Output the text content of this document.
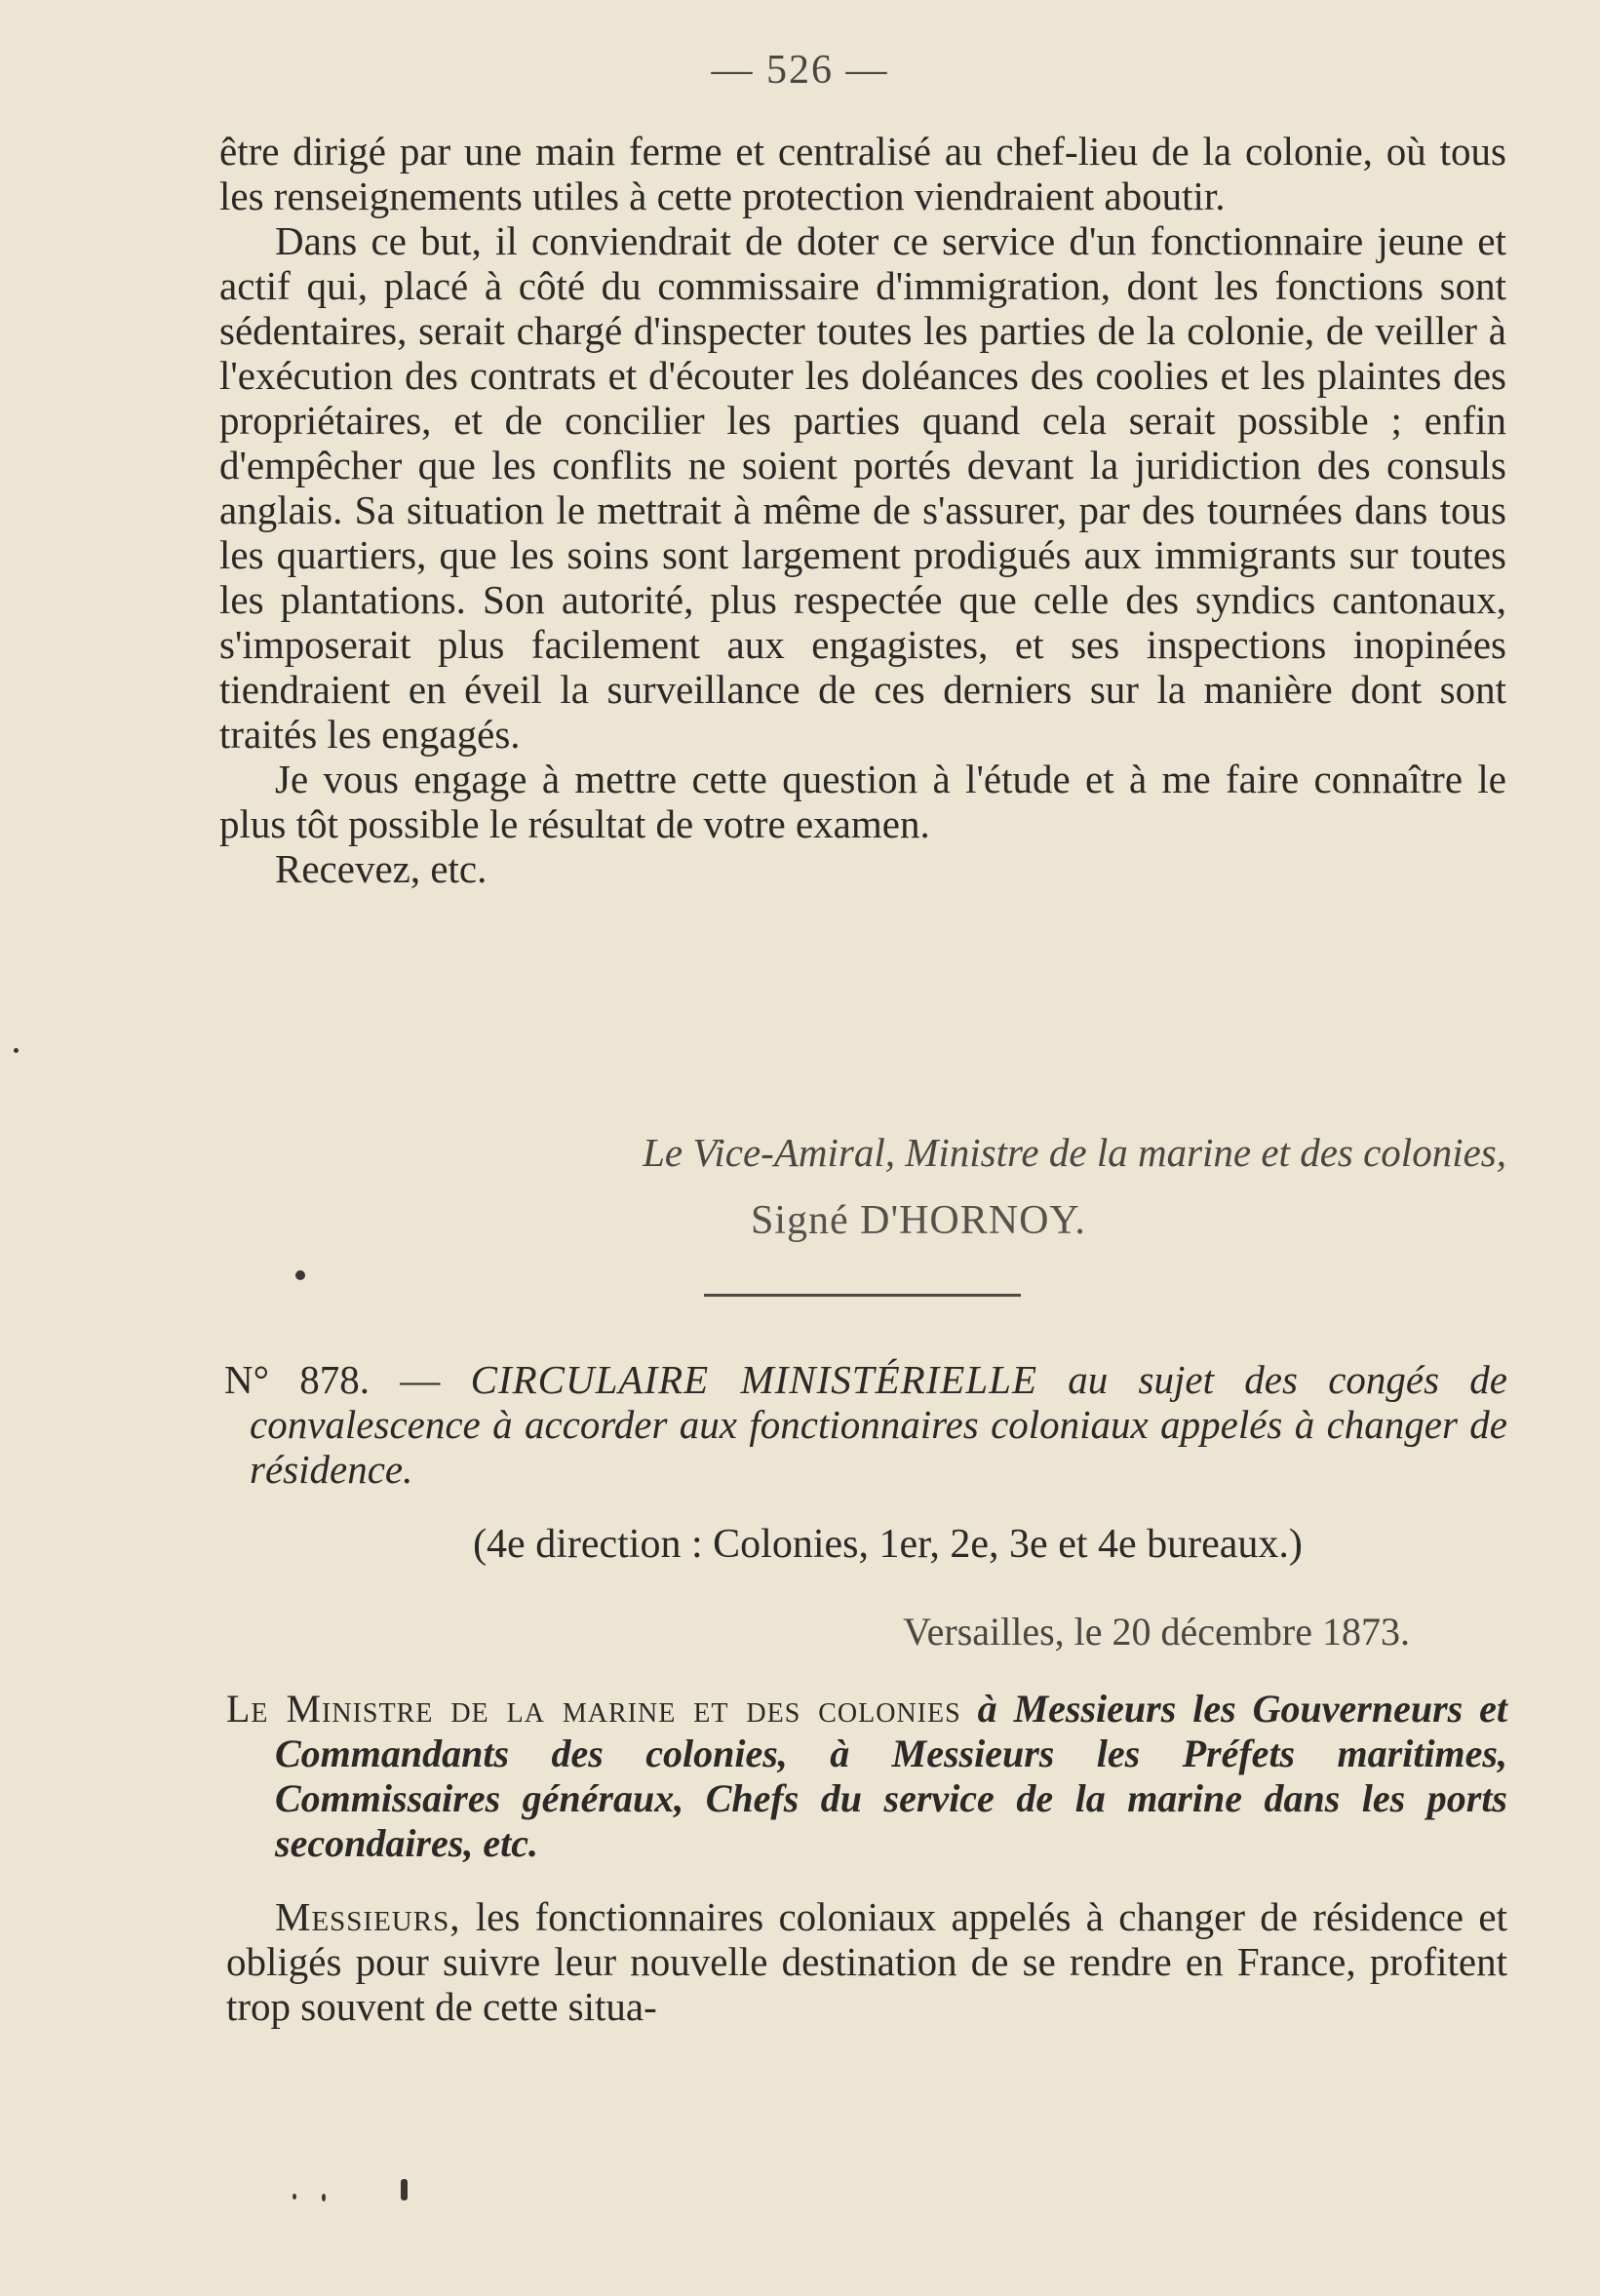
— 526 —

être dirigé par une main ferme et centralisé au chef-lieu de la colonie, où tous les renseignements utiles à cette protection viendraient aboutir.

Dans ce but, il conviendrait de doter ce service d'un fonctionnaire jeune et actif qui, placé à côté du commissaire d'immigration, dont les fonctions sont sédentaires, serait chargé d'inspecter toutes les parties de la colonie, de veiller à l'exécution des contrats et d'écouter les doléances des coolies et les plaintes des propriétaires, et de concilier les parties quand cela serait possible ; enfin d'empêcher que les conflits ne soient portés devant la juridiction des consuls anglais. Sa situation le mettrait à même de s'assurer, par des tournées dans tous les quartiers, que les soins sont largement prodigués aux immigrants sur toutes les plantations. Son autorité, plus respectée que celle des syndics cantonaux, s'imposerait plus facilement aux engagistes, et ses inspections inopinées tiendraient en éveil la surveillance de ces derniers sur la manière dont sont traités les engagés.

Je vous engage à mettre cette question à l'étude et à me faire connaître le plus tôt possible le résultat de votre examen.

Recevez, etc.

Le Vice-Amiral, Ministre de la marine et des colonies,
Signé D'HORNOY.
N° 878. — CIRCULAIRE MINISTÉRIELLE au sujet des congés de convalescence à accorder aux fonctionnaires coloniaux appelés à changer de résidence.
(4e direction : Colonies, 1er, 2e, 3e et 4e bureaux.)
Versailles, le 20 décembre 1873.
Le Ministre de la marine et des colonies à Messieurs les Gouverneurs et Commandants des colonies, à Messieurs les Préfets maritimes, Commissaires généraux, Chefs du service de la marine dans les ports secondaires, etc.
Messieurs, les fonctionnaires coloniaux appelés à changer de résidence et obligés pour suivre leur nouvelle destination de se rendre en France, profitent trop souvent de cette situa-
